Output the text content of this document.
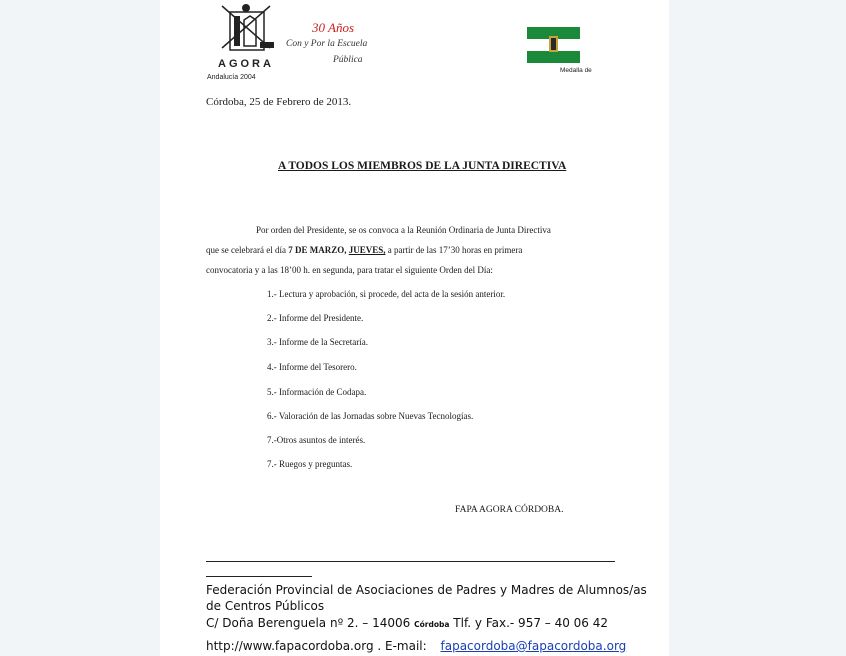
AGORA
Andalucía 2004
30 Años
Con y Por la Escuela
Pública
Medalla de
Córdoba, 25 de Febrero de 2013.
A TODOS LOS MIEMBROS DE LA JUNTA DIRECTIVA
Por orden del Presidente, se os convoca a la Reunión Ordinaria de Junta Directiva
que se celebrará el día 7 DE MARZO, JUEVES, a partir de las 17’30 horas en primera
convocatoria y a las 18’00 h. en segunda, para tratar el siguiente Orden del Día:
1.- Lectura y aprobación, si procede, del acta de la sesión anterior.
2.- Informe del Presidente.
3.- Informe de la Secretaría.
4.- Informe del Tesorero.
5.- Información de Codapa.
6.- Valoración de las Jornadas sobre Nuevas Tecnologías.
7.-Otros asuntos de interés.
7.- Ruegos y preguntas.
FAPA AGORA CÓRDOBA.
Federación Provincial de Asociaciones de Padres y Madres de Alumnos/as
de Centros Públicos
C/ Doña Berenguela nº 2. – 14006 Córdoba Tlf. y Fax.- 957 – 40 06 42
http://www.fapacordoba.org . E-mail: fapacordoba@fapacordoba.org
